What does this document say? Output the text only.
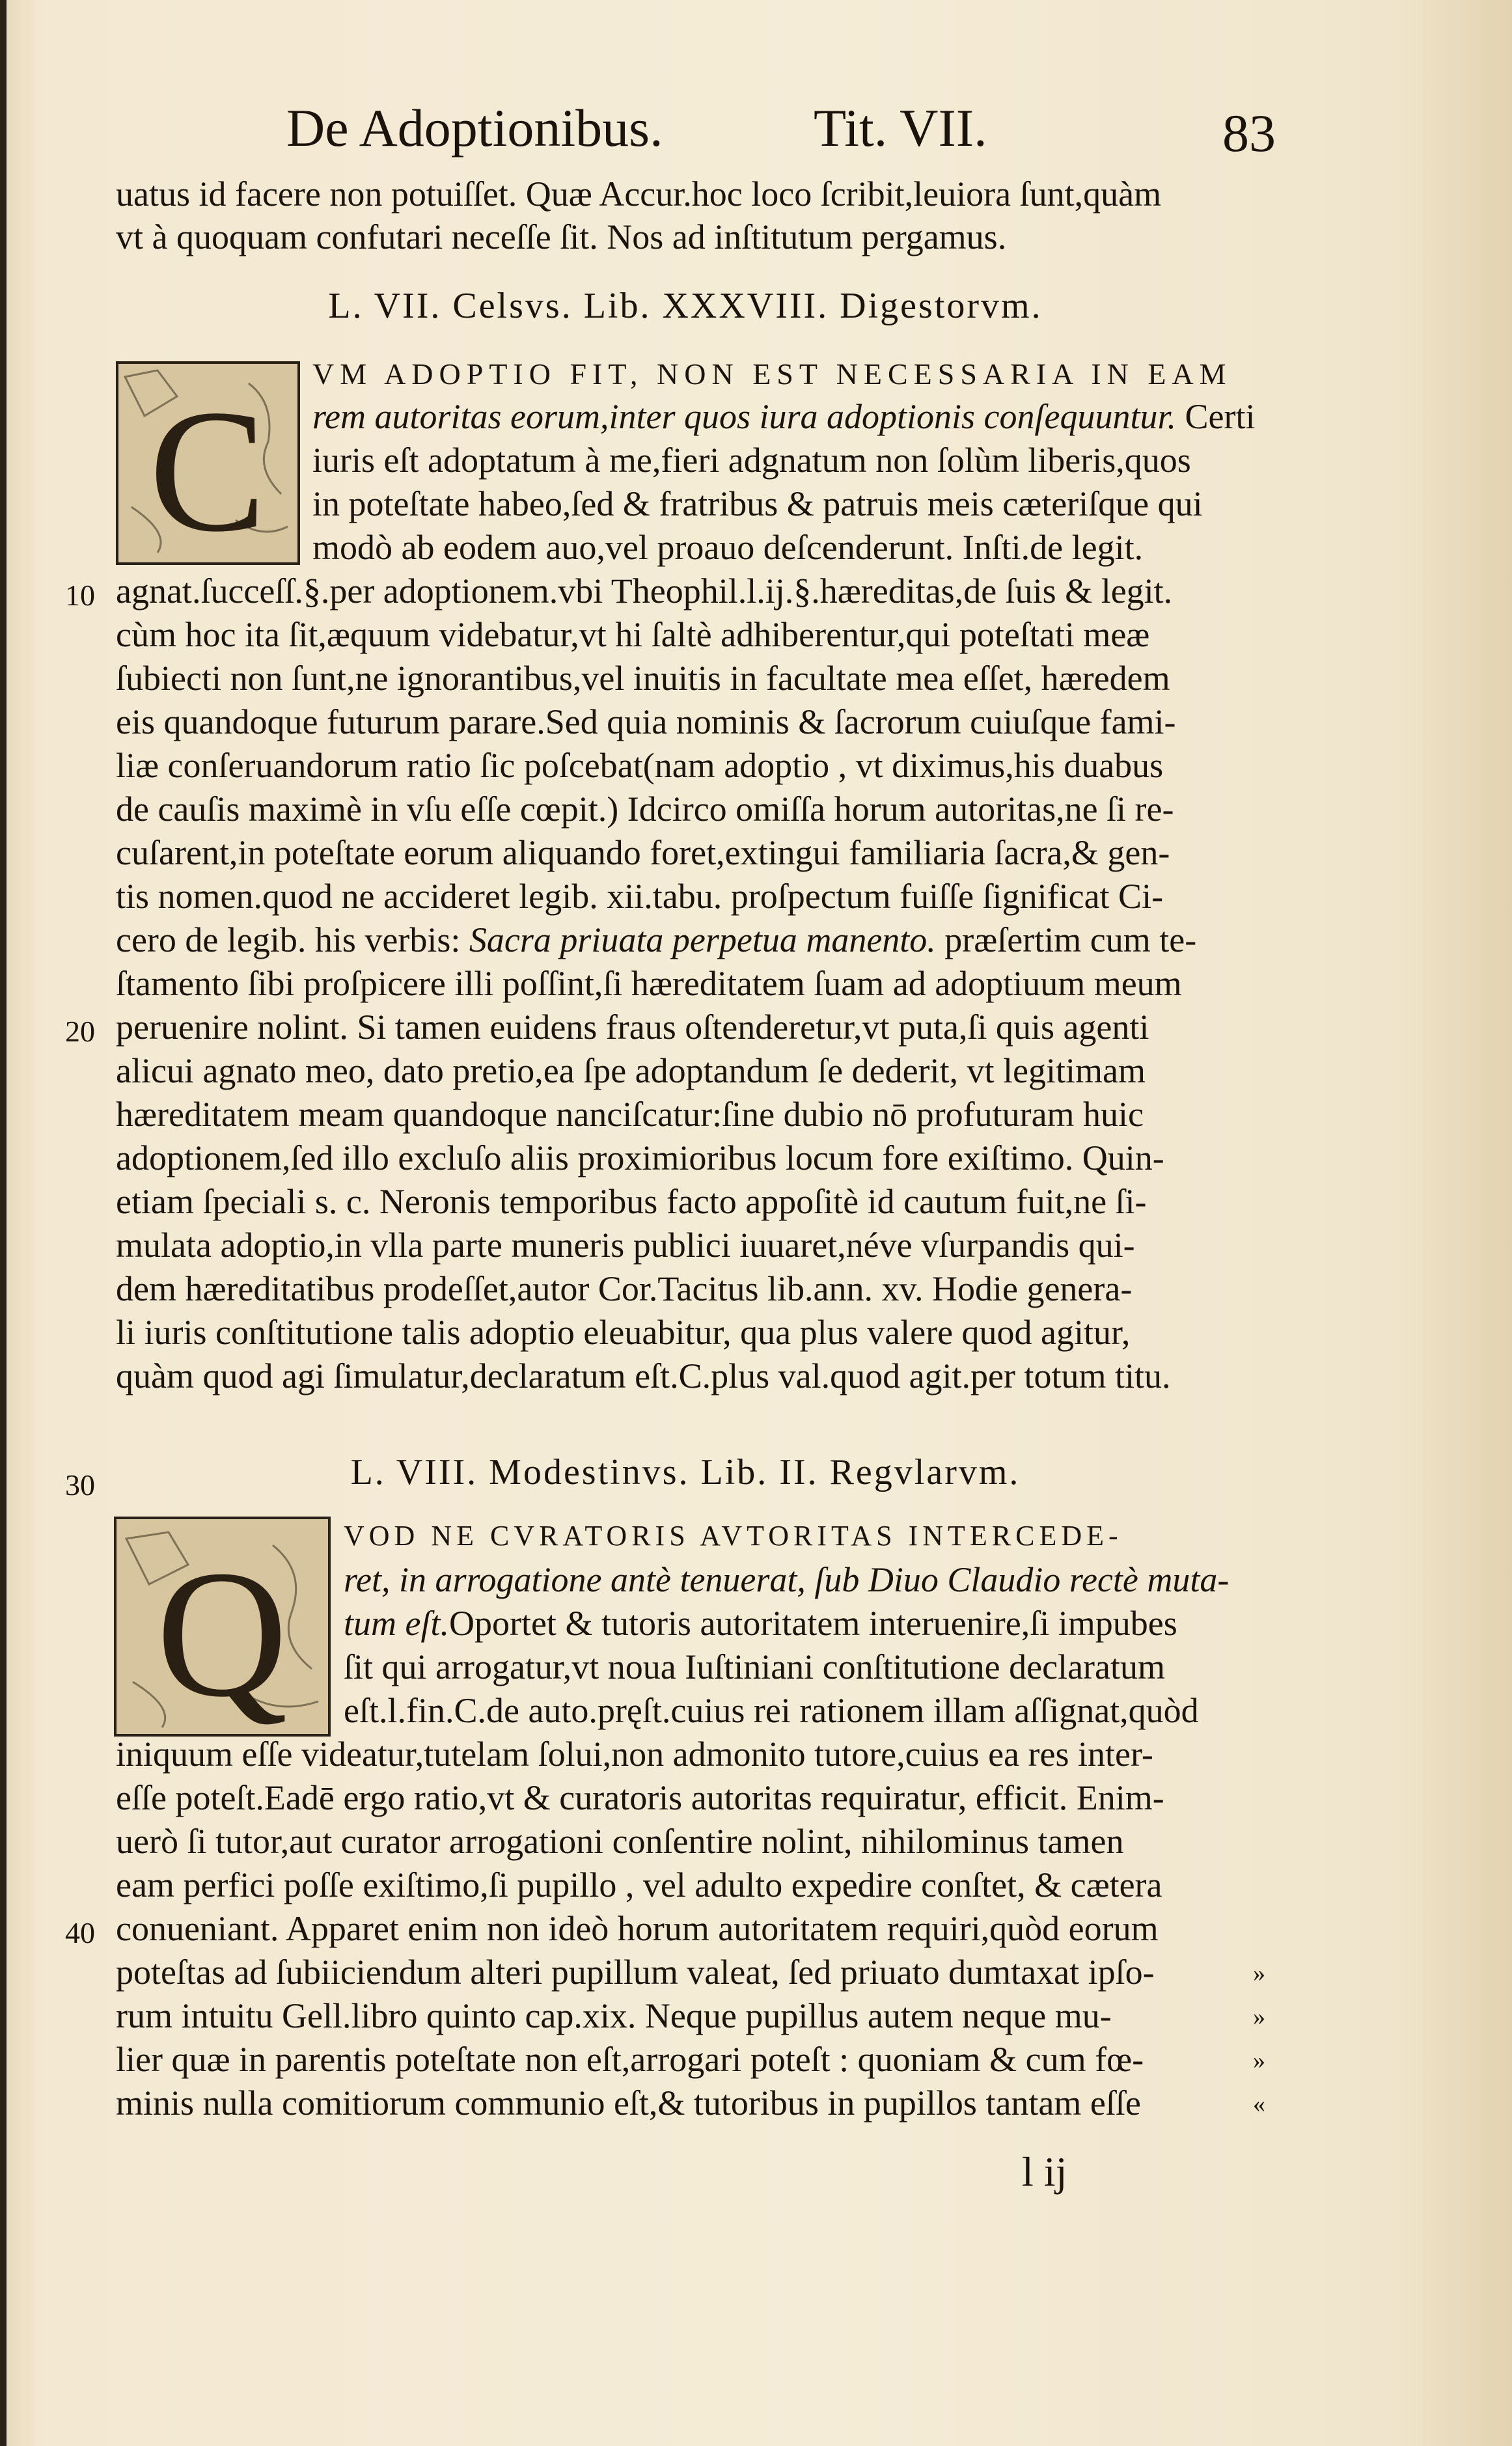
De Adoptionibus.	Tit. VII.	83
uatus id facere non potuiſſet. Quæ Accur.hoc loco ſcribit,leuiora ſunt,quàm
vt à quoquam confutari neceſſe ſit. Nos ad inſtitutum pergamus.
L. VII. Celsvs. Lib. XXXVIII. Digestorvm.
C VM ADOPTIO FIT, NON EST NECESSARIA IN EAM
rem autoritas eorum,inter quos iura adoptionis conſequuntur. Certi
iuris eſt adoptatum à me,fieri adgnatum non ſolùm liberis,quos
in poteſtate habeo,ſed & fratribus & patruis meis cæteriſque qui
modò ab eodem auo,vel proauo deſcenderunt. Inſti.de legit.
10 agnat.ſucceſſ.§.per adoptionem.vbi Theophil.l.ij.§.hæreditas,de ſuis & legit.
cùm hoc ita ſit,æquum videbatur,vt hi ſaltè adhiberentur,qui poteſtati meæ
ſubiecti non ſunt,ne ignorantibus,vel inuitis in facultate mea eſſet, hæredem
eis quandoque futurum parare.Sed quia nominis & ſacrorum cuiuſque fami-
liæ conſeruandorum ratio ſic poſcebat(nam adoptio , vt diximus,his duabus
de cauſis maximè in vſu eſſe cœpit.) Idcirco omiſſa horum autoritas,ne ſi re-
cuſarent,in poteſtate eorum aliquando foret,extingui familiaria ſacra,& gen-
tis nomen.quod ne accideret legib. xii.tabu. proſpectum fuiſſe ſignificat Ci-
cero de legib. his verbis: Sacra priuata perpetua manento. præſertim cum te-
ſtamento ſibi proſpicere illi poſſint,ſi hæreditatem ſuam ad adoptiuum meum
20 peruenire nolint. Si tamen euidens fraus oſtenderetur,vt puta,ſi quis agenti
alicui agnato meo, dato pretio,ea ſpe adoptandum ſe dederit, vt legitimam
hæreditatem meam quandoque nanciſcatur:ſine dubio nō profuturam huic
adoptionem,ſed illo excluſo aliis proximioribus locum fore exiſtimo. Quin-
etiam ſpeciali s. c. Neronis temporibus facto appoſitè id cautum fuit,ne ſi-
mulata adoptio,in vlla parte muneris publici iuuaret,néve vſurpandis qui-
dem hæreditatibus prodeſſet,autor Cor.Tacitus lib.ann. xv. Hodie genera-
li iuris conſtitutione talis adoptio eleuabitur, qua plus valere quod agitur,
quàm quod agi ſimulatur,declaratum eſt.C.plus val.quod agit.per totum titu.
30	L. VIII. Modestinvs. Lib. II. Regvlarvm.
Q VOD NE CVRATORIS AVTORITAS INTERCEDE-
ret, in arrogatione antè tenuerat, ſub Diuo Claudio rectè muta-
tum eſt.Oportet & tutoris autoritatem interuenire,ſi impubes
ſit qui arrogatur,vt noua Iuſtiniani conſtitutione declaratum
eſt.l.fin.C.de auto.pręſt.cuius rei rationem illam aſſignat,quòd
iniquum eſſe videatur,tutelam ſolui,non admonito tutore,cuius ea res inter-
eſſe poteſt.Eadē ergo ratio,vt & curatoris autoritas requiratur, efficit. Enim-
uerò ſi tutor,aut curator arrogationi conſentire nolint, nihilominus tamen
eam perfici poſſe exiſtimo,ſi pupillo , vel adulto expedire conſtet, & cætera
40 conueniant. Apparet enim non ideò horum autoritatem requiri,quòd eorum
poteſtas ad ſubiiciendum alteri pupillum valeat, ſed priuato dumtaxat ipſo-
rum intuitu Gell.libro quinto cap.xix. Neque pupillus autem neque mu-
lier quæ in parentis poteſtate non eſt,arrogari poteſt : quoniam & cum fœ-
minis nulla comitiorum communio eſt,& tutoribus in pupillos tantam eſſe
»
»
»
«
l ij
